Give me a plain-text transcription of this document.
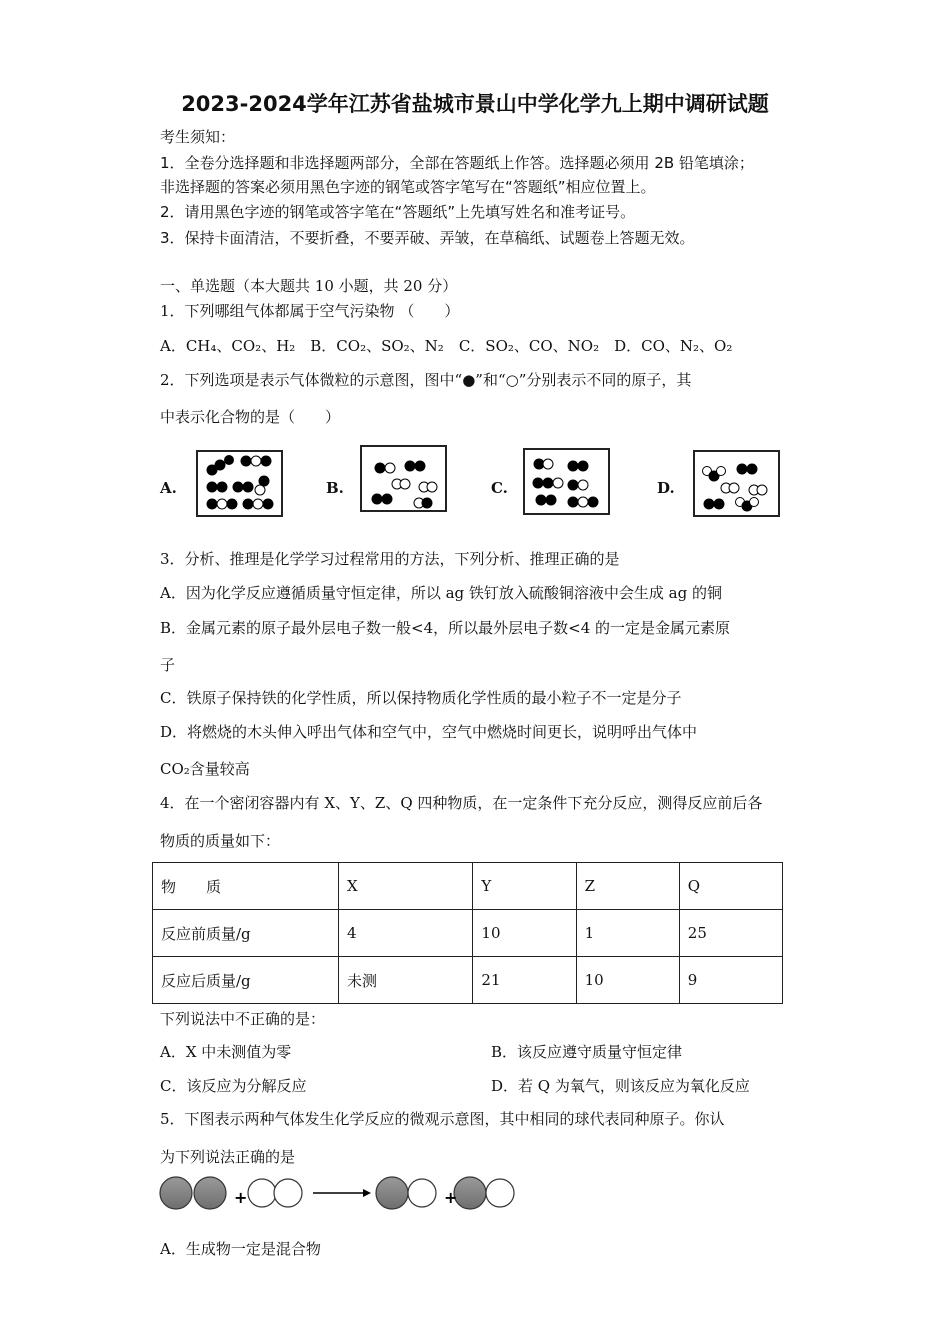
2023-2024学年江苏省盐城市景山中学化学九上期中调研试题
考生须知：
1．全卷分选择题和非选择题两部分，全部在答题纸上作答。选择题必须用 2B 铅笔填涂；
非选择题的答案必须用黑色字迹的钢笔或答字笔写在“答题纸”相应位置上。
2．请用黑色字迹的钢笔或答字笔在“答题纸”上先填写姓名和准考证号。
3．保持卡面清洁，不要折叠，不要弄破、弄皱，在草稿纸、试题卷上答题无效。
一、单选题（本大题共 10 小题，共 20 分）
1．下列哪组气体都属于空气污染物 （　　）
A．CH₄、CO₂、H₂　B．CO₂、SO₂、N₂　C．SO₂、CO、NO₂　D．CO、N₂、O₂
2．下列选项是表示气体微粒的示意图，图中“●”和“○”分别表示不同的原子，其
中表示化合物的是（　　）
A.	B.	C.	D.
3．分析、推理是化学学习过程常用的方法，下列分析、推理正确的是
A．因为化学反应遵循质量守恒定律，所以 ag 铁钉放入硫酸铜溶液中会生成 ag 的铜
B．金属元素的原子最外层电子数一般<4，所以最外层电子数<4 的一定是金属元素原
子
C．铁原子保持铁的化学性质，所以保持物质化学性质的最小粒子不一定是分子
D．将燃烧的木头伸入呼出气体和空气中，空气中燃烧时间更长，说明呼出气体中
CO₂含量较高
4．在一个密闭容器内有 X、Y、Z、Q 四种物质，在一定条件下充分反应，测得反应前后各
物质的质量如下：
物　　质	X	Y	Z	Q
反应前质量/g	4	10	1	25
反应后质量/g	未测	21	10	9
下列说法中不正确的是：
A．X 中未测值为零	B．该反应遵守质量守恒定律
C．该反应为分解反应	D．若 Q 为氧气，则该反应为氧化反应
5．下图表示两种气体发生化学反应的微观示意图，其中相同的球代表同种原子。你认
为下列说法正确的是
+	+
A．生成物一定是混合物
